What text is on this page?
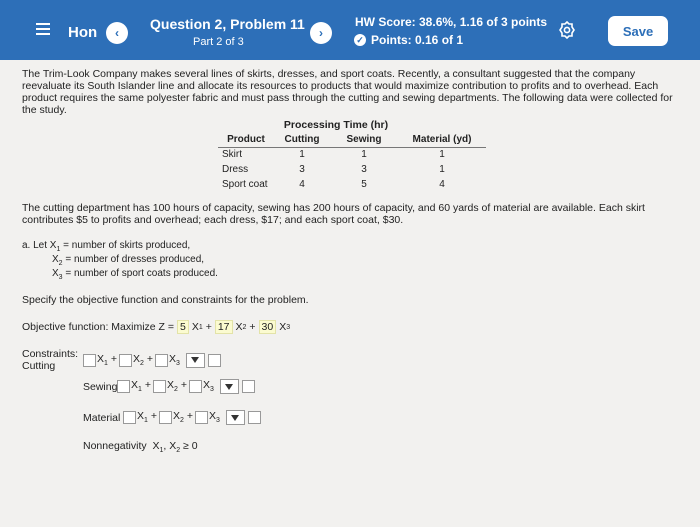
Hon	‹
Question 2, Problem 11
Part 2 of 3
›
HW Score: 38.6%, 1.16 of 3 points
✓ Points: 0.16 of 1
Save

The Trim-Look Company makes several lines of skirts, dresses, and sport coats. Recently, a consultant suggested that the company reevaluate its South Islander line and allocate its resources to products that would maximize contribution to profits and to overhead. Each product requires the same polyester fabric and must pass through the cutting and sewing departments. The following data were collected for the study.

	Processing Time (hr)		
Product	Cutting	Sewing	Material (yd)
Skirt	1	1	1
Dress	3	3	1
Sport coat	4	5	4

The cutting department has 100 hours of capacity, sewing has 200 hours of capacity, and 60 yards of material are available. Each skirt contributes $5 to profits and overhead; each dress, $17; and each sport coat, $30.

a. Let $X_1$ = number of skirts produced,
$X_2$ = number of dresses produced,
$X_3$ = number of sport coats produced.

Specify the objective function and constraints for the problem.

Objective function: Maximize Z = 5 X 1 + 17 X 2 + 30 X 3
Constraints: Cutting
$X_1 + X_2 + X_3$
Sewing $X_1 + X_2 + X_3$
Material $X_1 + X_2 + X_3$
Nonnegativity  $X_1$, $X_2 \ge 0$
